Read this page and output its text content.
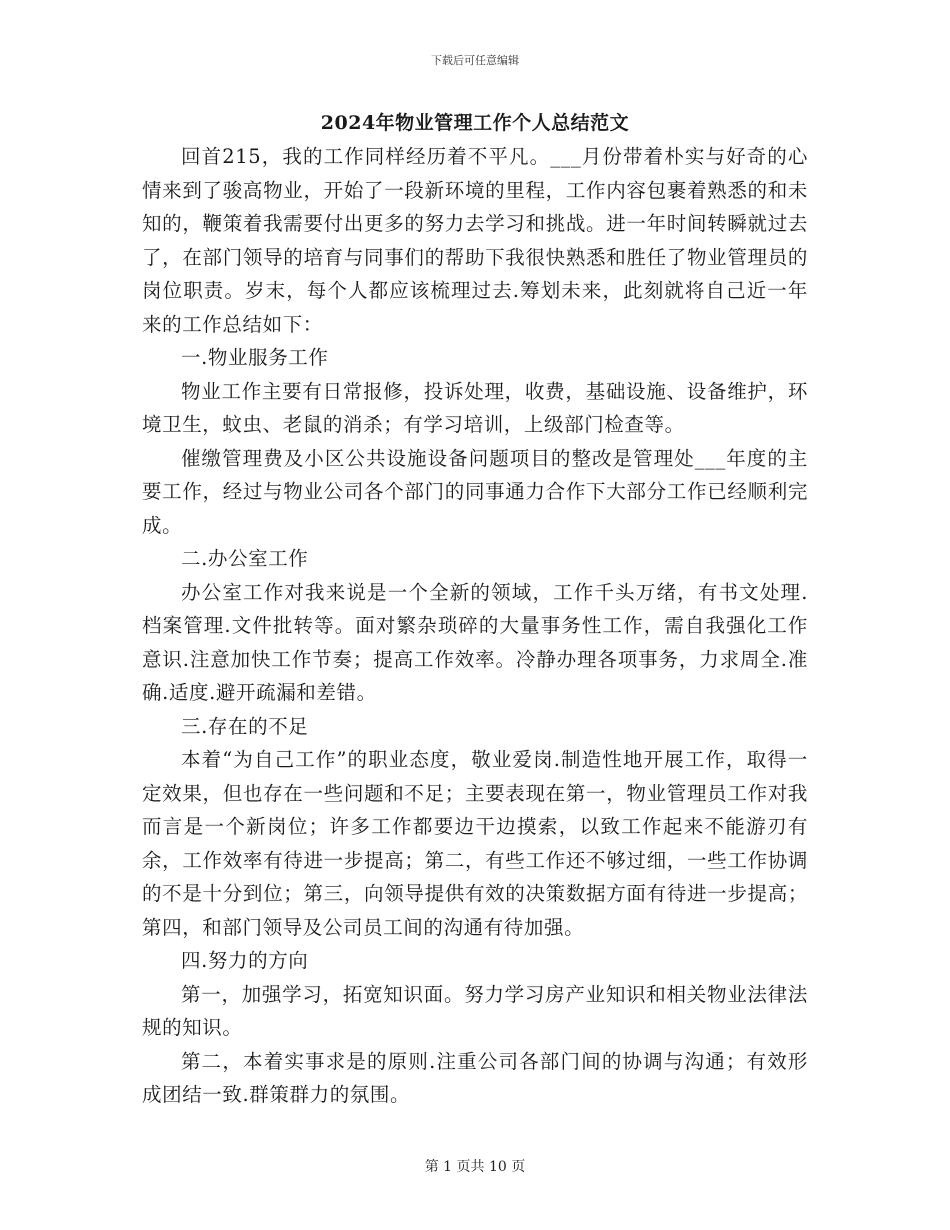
下载后可任意编辑
2024年物业管理工作个人总结范文

回首215，我的工作同样经历着不平凡。___月份带着朴实与好奇的心情来到了骏高物业，开始了一段新环境的里程，工作内容包裹着熟悉的和未知的，鞭策着我需要付出更多的努力去学习和挑战。进一年时间转瞬就过去了，在部门领导的培育与同事们的帮助下我很快熟悉和胜任了物业管理员的岗位职责。岁末，每个人都应该梳理过去.筹划未来，此刻就将自己近一年来的工作总结如下：

一.物业服务工作

物业工作主要有日常报修，投诉处理，收费，基础设施、设备维护，环境卫生，蚊虫、老鼠的消杀；有学习培训，上级部门检查等。

催缴管理费及小区公共设施设备问题项目的整改是管理处___年度的主要工作，经过与物业公司各个部门的同事通力合作下大部分工作已经顺利完成。

二.办公室工作

办公室工作对我来说是一个全新的领域，工作千头万绪，有书文处理.档案管理.文件批转等。面对繁杂琐碎的大量事务性工作，需自我强化工作意识.注意加快工作节奏；提高工作效率。冷静办理各项事务，力求周全.准确.适度.避开疏漏和差错。

三.存在的不足

本着“为自己工作”的职业态度，敬业爱岗.制造性地开展工作，取得一定效果，但也存在一些问题和不足；主要表现在第一，物业管理员工作对我而言是一个新岗位；许多工作都要边干边摸索，以致工作起来不能游刃有余，工作效率有待进一步提高；第二，有些工作还不够过细，一些工作协调的不是十分到位；第三，向领导提供有效的决策数据方面有待进一步提高；第四，和部门领导及公司员工间的沟通有待加强。

四.努力的方向

第一，加强学习，拓宽知识面。努力学习房产业知识和相关物业法律法规的知识。

第二，本着实事求是的原则.注重公司各部门间的协调与沟通；有效形成团结一致.群策群力的氛围。

第 1 页共 10 页
